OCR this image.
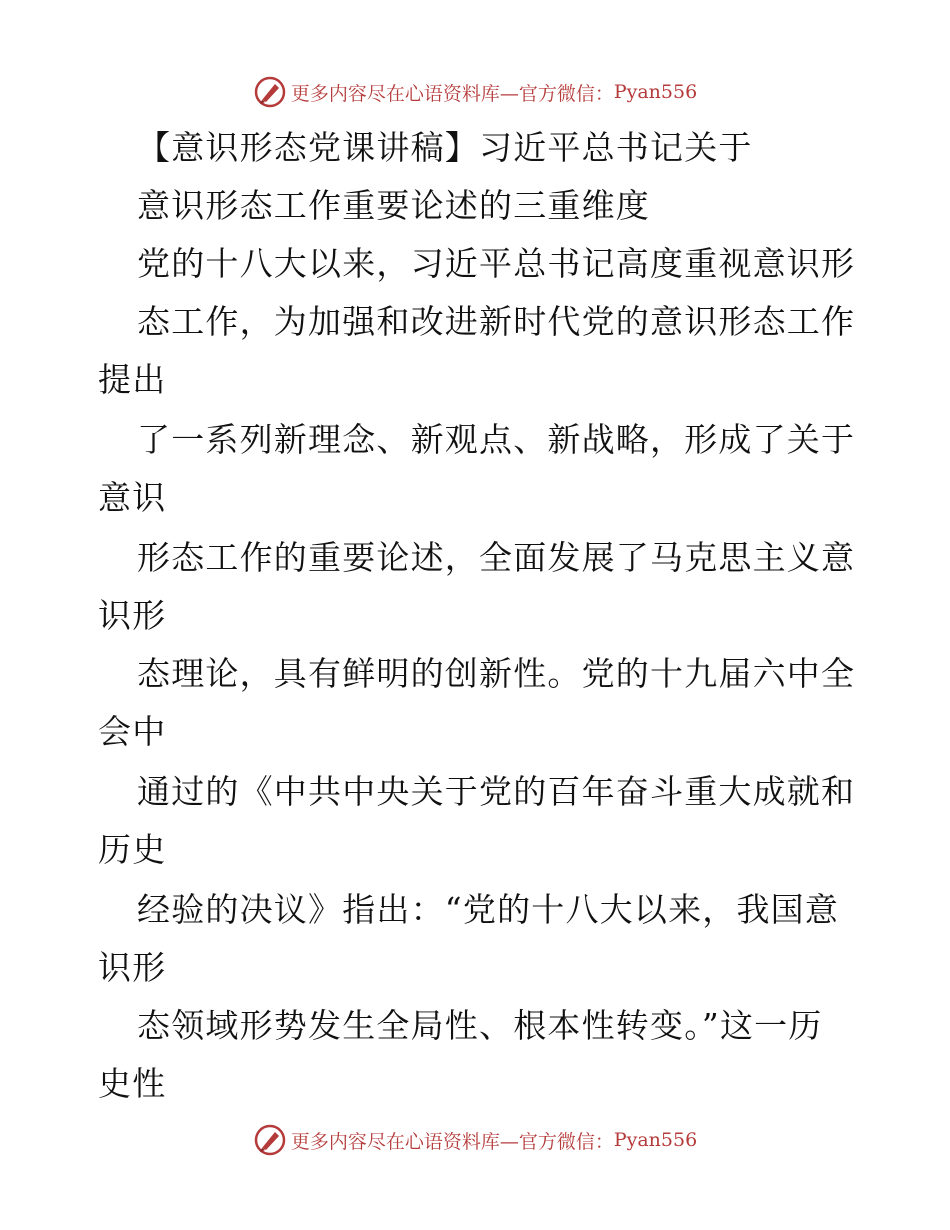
更多内容尽在心语资料库—官方微信： Pyan556
【意识形态党课讲稿】习近平总书记关于
意识形态工作重要论述的三重维度
党的十八大以来，习近平总书记高度重视意识形
态工作，为加强和改进新时代党的意识形态工作
提出
了一系列新理念、新观点、新战略，形成了关于
意识
形态工作的重要论述，全面发展了马克思主义意
识形
态理论，具有鲜明的创新性。党的十九届六中全
会中
通过的《中共中央关于党的百年奋斗重大成就和
历史
经验的决议》指出：“党的十八大以来，我国意
识形
态领域形势发生全局性、根本性转变。”这一历
史性
更多内容尽在心语资料库—官方微信： Pyan556
